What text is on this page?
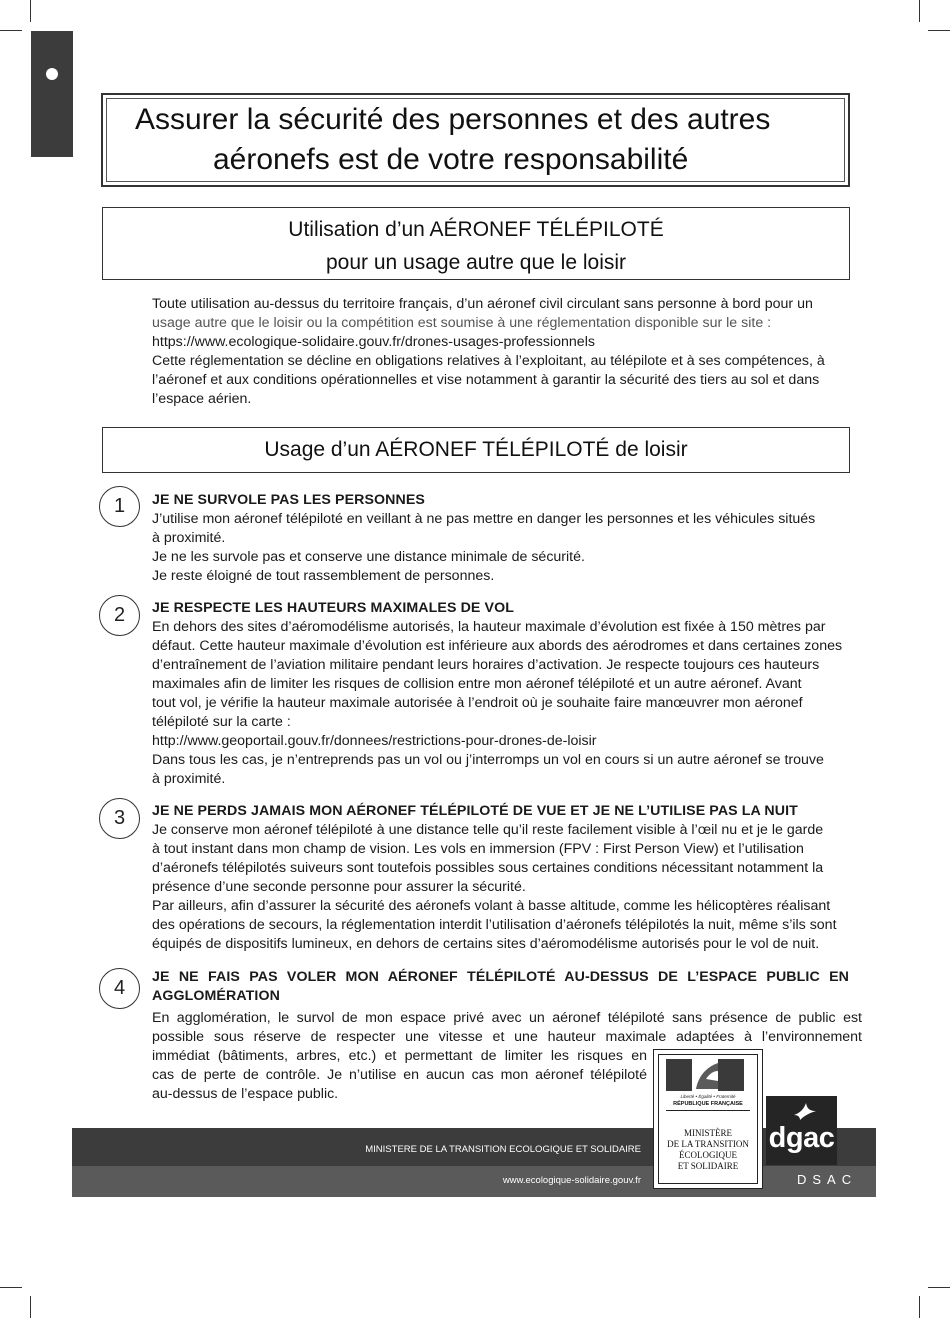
Assurer la sécurité des personnes et des autres
aéronefs est de votre responsabilité
Utilisation d’un AÉRONEF TÉLÉPILOTÉ
pour un usage autre que le loisir

Toute utilisation au-dessus du territoire français, d’un aéronef civil circulant sans personne à bord pour un

usage autre que le loisir ou la compétition est soumise à une réglementation disponible sur le site :

https://www.ecologique-solidaire.gouv.fr/drones-usages-professionnels

Cette réglementation se décline en obligations relatives à l’exploitant, au télépilote et à ses compétences, à

l’aéronef et aux conditions opérationnelles et vise notamment à garantir la sécurité des tiers au sol et dans

l’espace aérien.

Usage d’un AÉRONEF TÉLÉPILOTÉ de loisir
1	JE NE SURVOLE PAS LES PERSONNES

J’utilise mon aéronef télépiloté en veillant à ne pas mettre en danger les personnes et les véhicules situés

à proximité.

Je ne les survole pas et conserve une distance minimale de sécurité.

Je reste éloigné de tout rassemblement de personnes.

2	JE RESPECTE LES HAUTEURS MAXIMALES DE VOL

En dehors des sites d’aéromodélisme autorisés, la hauteur maximale d’évolution est fixée à 150 mètres par

défaut. Cette hauteur maximale d’évolution est inférieure aux abords des aérodromes et dans certaines zones

d’entraînement de l’aviation militaire pendant leurs horaires d’activation. Je respecte toujours ces hauteurs

maximales afin de limiter les risques de collision entre mon aéronef télépiloté et un autre aéronef. Avant

tout vol, je vérifie la hauteur maximale autorisée à l’endroit où je souhaite faire manœuvrer mon aéronef

télépiloté sur la carte :

http://www.geoportail.gouv.fr/donnees/restrictions-pour-drones-de-loisir

Dans tous les cas, je n’entreprends pas un vol ou j’interromps un vol en cours si un autre aéronef se trouve

à proximité.

3	JE NE PERDS JAMAIS MON AÉRONEF TÉLÉPILOTÉ DE VUE ET JE NE L’UTILISE PAS LA NUIT

Je conserve mon aéronef télépiloté à une distance telle qu’il reste facilement visible à l’œil nu et je le garde

à tout instant dans mon champ de vision. Les vols en immersion (FPV : First Person View) et l’utilisation

d’aéronefs télépilotés suiveurs sont toutefois possibles sous certaines conditions nécessitant notamment la

présence d’une seconde personne pour assurer la sécurité.

Par ailleurs, afin d’assurer la sécurité des aéronefs volant à basse altitude, comme les hélicoptères réalisant

des opérations de secours, la réglementation interdit l’utilisation d’aéronefs télépilotés la nuit, même s’ils sont

équipés de dispositifs lumineux, en dehors de certains sites d’aéromodélisme autorisés pour le vol de nuit.

4	JE NE FAIS PAS VOLER MON AÉRONEF TÉLÉPILOTÉ AU-DESSUS DE L’ESPACE PUBLIC EN

AGGLOMÉRATION

En agglomération, le survol de mon espace privé avec un aéronef télépiloté sans présence de public est

possible sous réserve de respecter une vitesse et une hauteur maximale adaptées à l’environnement

immédiat (bâtiments, arbres, etc.) et permettant de limiter les risques en

cas de perte de contrôle. Je n’utilise en aucun cas mon aéronef télépiloté

au-dessus de l’espace public.

MINISTERE DE LA TRANSITION ECOLOGIQUE ET SOLIDAIRE
www.ecologique-solidaire.gouv.fr
Liberté • Égalité • Fraternité
RÉPUBLIQUE FRANÇAISE
MINISTÈRE
DE LA TRANSITION
ÉCOLOGIQUE
ET SOLIDAIRE
dgac
DSAC
